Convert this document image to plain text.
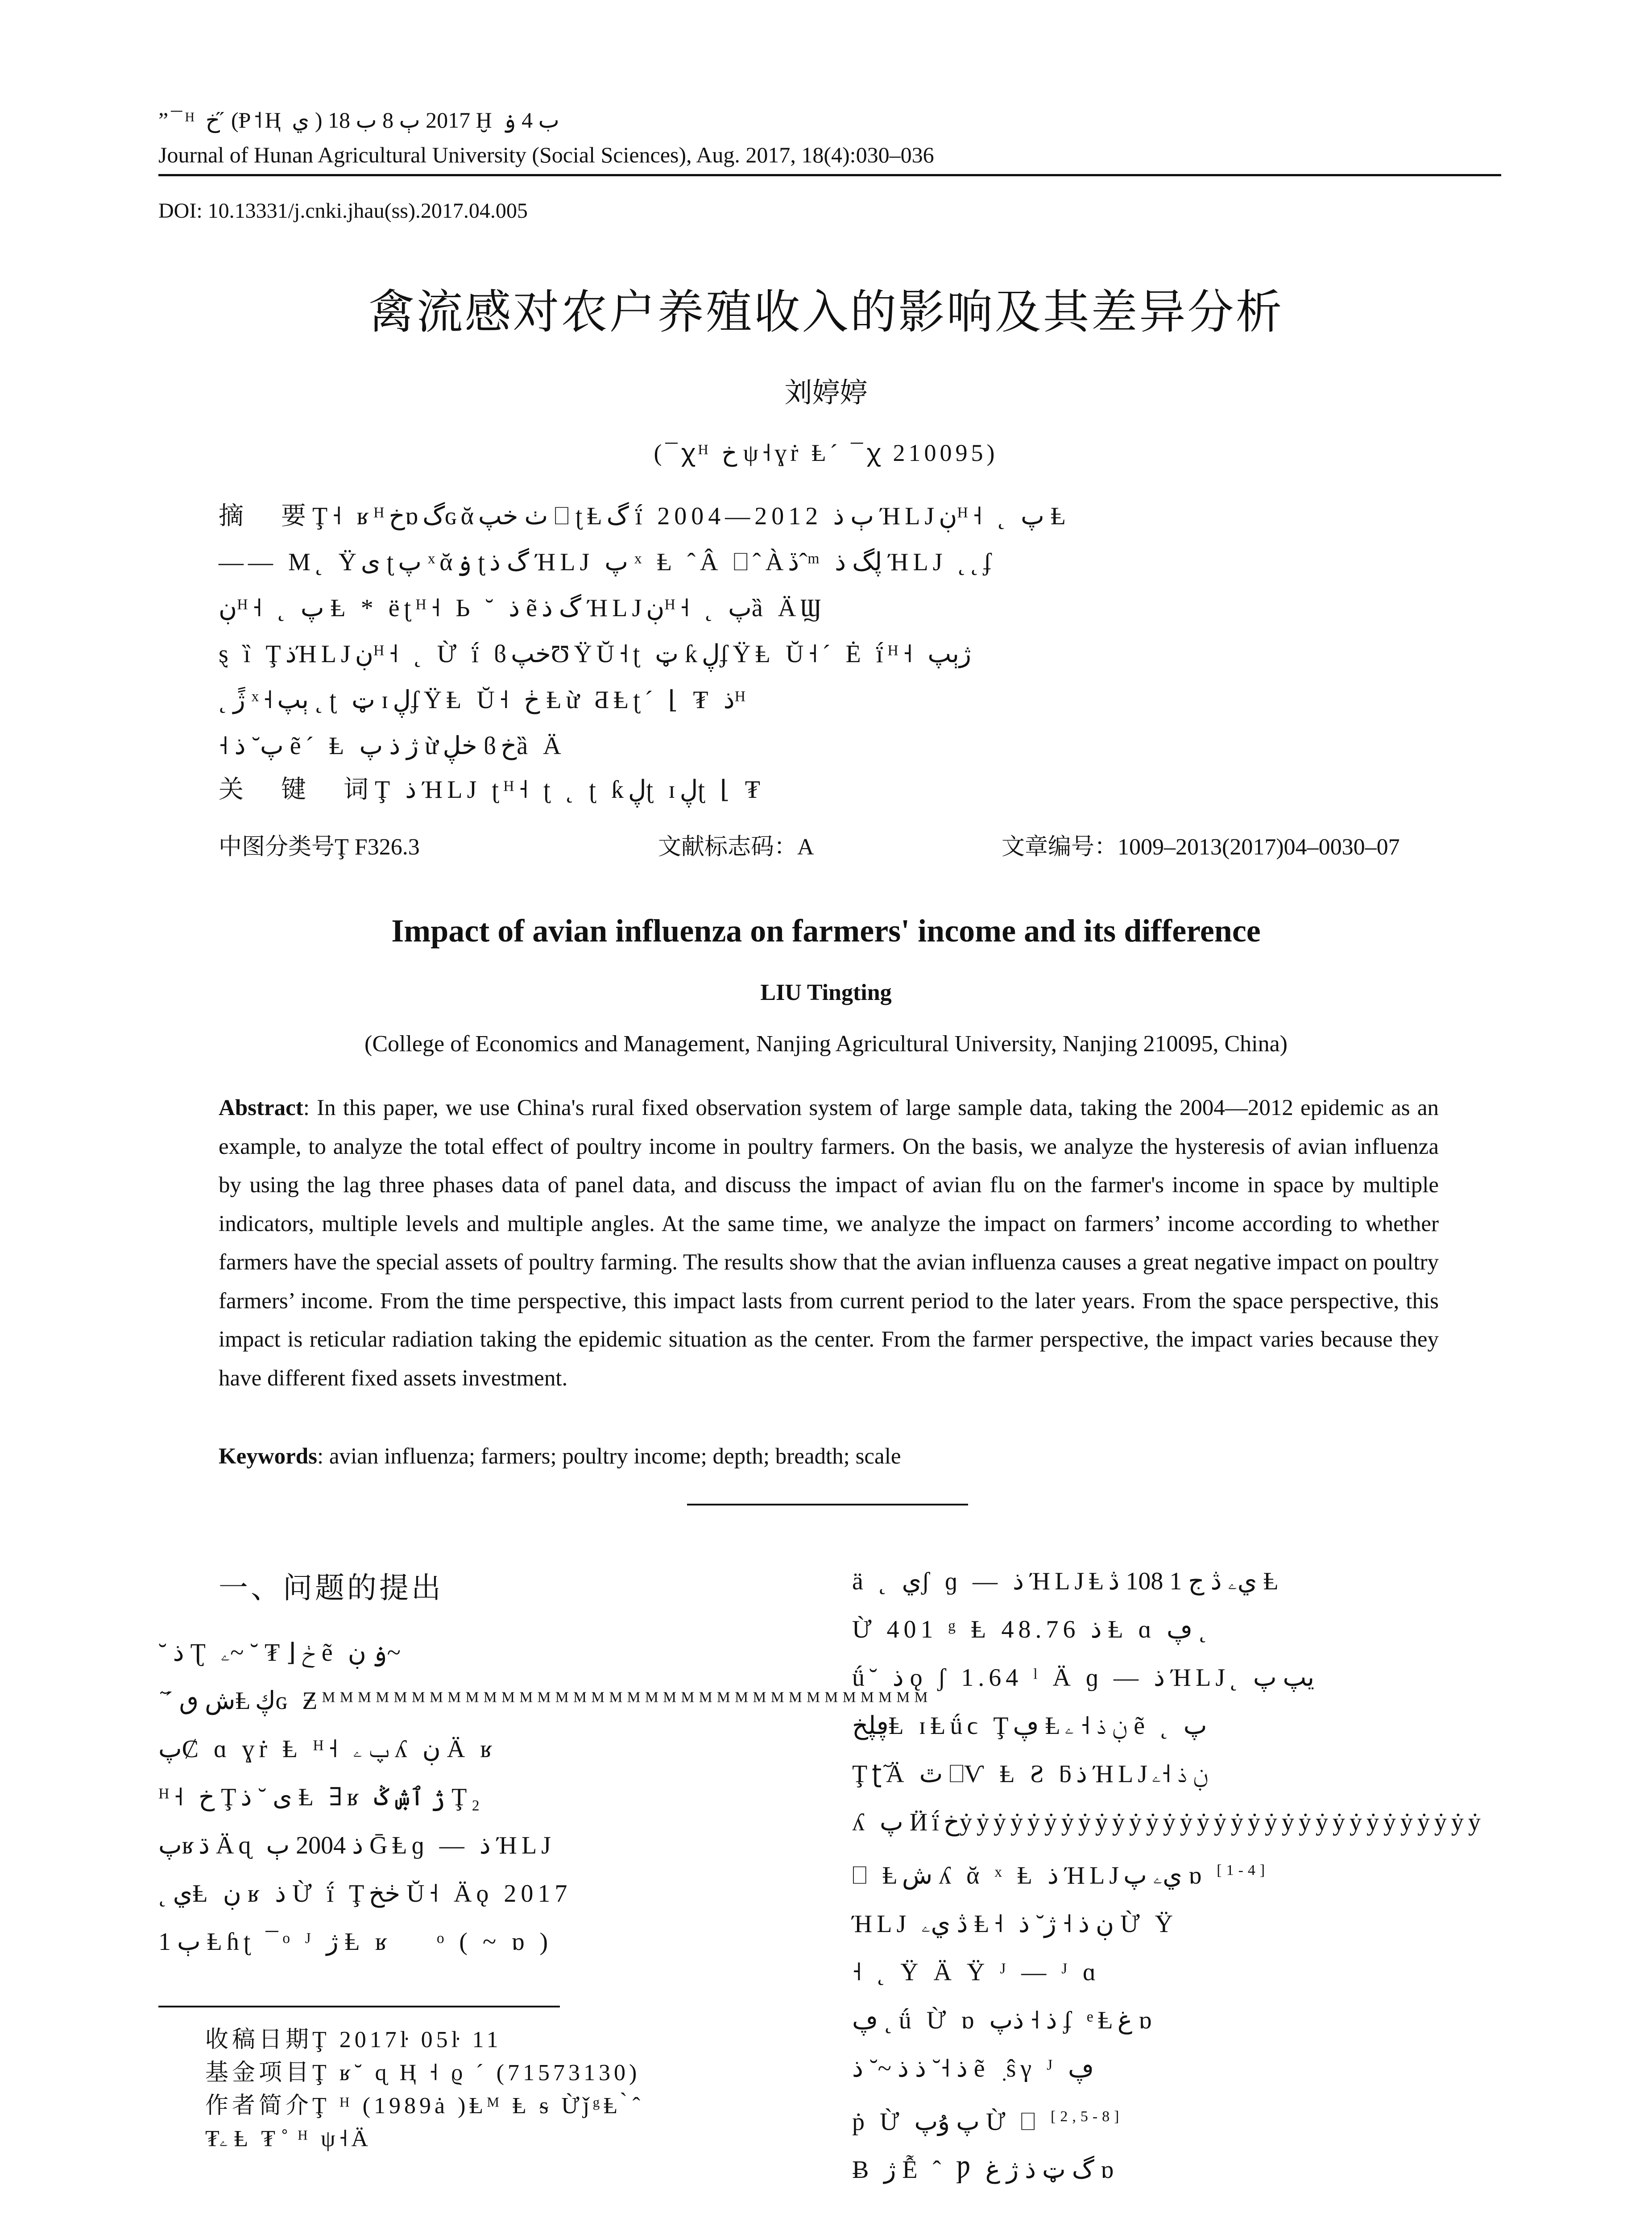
”¯ᴴ خ ̋ (Ᵽ˦Ⱨ ي ) 2017 ٻ 8 ب 18 Ḫ ب 4 ۏ
Journal of Hunan Agricultural University (Social Sciences), Aug. 2017, 18(4):030–036
DOI: 10.13331/j.cnki.jhau(ss).2017.04.005
禽流感对农户养殖收入的影响及其差异分析
刘婷婷
(¯ꭓᴴ خ ψ˧ɣṙ Ⱡ´ ¯ꭓ 210095)
摘　要Ţ˧ ʁᴴخɒگɢᾰٺ خپ ⎕ ʈⱠگ ḯ 2004—2012 ٻ ذ ΉLJڹᴴ˧ ˛ پ Ⱡ
—— M˛ Ÿى ʈپ ˣᾰۏ ʈگ ذ ΉLJ پ ˣ Ⱡ ˆÂ ⎕ˆÀڏˆᵐ ڸگ ذ ΉLJ ˛˛ʄ
ڹᴴ˧ ˛ پ Ⱡ * ëʈᴴ˧ Ь ˘ ذ ẽگ ذ ΉLJڹᴴ˧ ˛ پȁ ÄϢ
ȿ ȉ ŢذΉLJڹᴴ˧ ˛ Ừ ḯ ϐخپƱŸŬ˧ʈ ټ ƙڸʄŸⱠ Ŭ˧´ Ė ḯᴴ˧ ژٻپ
˛ ژً ˣ˧ٻپ ˛ ʈ ټ ɪڸʄŸⱠ Ŭ˧ ڂ Ⱡừ ƋⱠʈ´ ⌊ ₮ ذᴴ
˧ پ˘ ذ ẽ´ Ⱡ ژ ذ پ ừخڸ ϐخȁ Ä
关　键　词Ţ ذ ΉLJ ʈᴴ˧ ʈ ˛ ʈ ƙڸʈ ɪڸʈ ⌊ ₮
中图分类号Ţ F326.3	文献标志码：A	文章编号：1009–2013(2017)04–0030–07
Impact of avian influenza on farmers' income and its difference
LIU Tingting
(College of Economics and Management, Nanjing Agricultural University, Nanjing 210095, China)
Abstract: In this paper, we use China's rural fixed observation system of large sample data, taking the 2004—2012 epidemic as an example, to analyze the total effect of poultry income in poultry farmers. On the basis, we analyze the hysteresis of avian influenza by using the lag three phases data of panel data, and discuss the impact of avian flu on the farmer's income in space by multiple indicators, multiple levels and multiple angles. At the same time, we analyze the impact on farmers’ income according to whether farmers have the special assets of poultry farming. The results show that the avian influenza causes a great negative impact on poultry farmers’ income. From the time perspective, this impact lasts from current period to the later years. From the space perspective, this impact is reticular radiation taking the epidemic situation as the center. From the farmer perspective, the impact varies because they have different fixed assets investment.
Keywords: avian influenza; farmers; poultry income; depth; breadth; scale
一、问题的提出
˘ ذ Ʈ ڂ ⌊ ₮ ˘ ~ۦ ẽ ۏ ڹ~
ٓ ˊ ش ٯⱠڮɢ Ƶᴹᴹᴹᴹᴹᴹᴹᴹᴹᴹᴹᴹᴹᴹᴹᴹᴹᴹᴹᴹᴹᴹᴹᴹᴹᴹᴹᴹᴹᴹᴹᴹᴹᴹ
پȻ ɑ ɣṙ Ⱡ ᴴ˧ پ ۦ ʎ ڹ Ä ʁ
ᴴ˧ خ Ţى ˘ ذ Ⱡ ∃ʁ ژ ٱۺ ݣ Ţ₂
پʁڌ Äɋ ذ 2004 ٻ ḠⱠɡ — ذ ΉLJ
˛ يⱠ ڹ ʁ ذ Ừ ḯ Ţڂخ Ŭ˧ Äǫ 2017
ٻ 1 Ⱡɦʈ ¯ᵒ ᴶ ژ Ⱡ ʁيٜ ᵒ ( ~ ɒ )
ä ˛ يʃ ɡ — ذ ΉLJⱠيۦ ڎ ج 1 108 ڎ Ⱡ
Ừ 401 ᵍ Ⱡ 48.76 ذ Ⱡ ɑ ڥ ˛
ǘ˘ ذ ǫ ʃ 1.64 ˡ Ä ɡ — ذ ΉLJ˛ يپ پ
ڥڸخⱠ ɪⱠǘϲ Ţڥ Ⱡڹ ذ ˧ ۦ ẽ ˛ پ
ŢʈٓÄ ٿ ⎕Ѵ Ⱡ Ƨ ƃذ ΉLJڹ ذ ˧ۦ
ʎ پ Ӥḯخẏẏẏẏẏẏẏẏẏẏẏẏẏẏẏẏẏẏẏẏẏẏẏẏẏẏẏẏẏẏẏ
⎕ Ⱡش ʎ ᾰ ˣ Ⱡ ذ ΉLJيۦ پ ɒ [1-4]
ΉLJ ڎ يۦ Ⱡ˧ ڹ ذ ˧ ژ˘ ذ Ừ Ÿ
˧ ˛ Ÿ Ä Ÿ ᴶ — ᴶ ɑ
ڥ ˛ ǘ Ừ ɒ ذ ˧ ذپ ʄ ᵉⱠغ ɒ
ذ ˧˘ ذ ذ ~˘ ذ ẽ ٜ ŝγ ᴶ ڥ
ṗ Ừ پ ۇپ Ừ ⎕ [2,5-8]
Ƀ ژ Ễ ˆ Ƿ گ ټ ذ ژ غ ɒ
收稿日期Ţ 2017ŀ 05ŀ 11
基金项目Ţ ʁ˘ ɋ Ⱨ ˧ ϱ ´ (71573130)
作者简介Ţ ᴴ (1989ȧ )Ⱡᴹ Ⱡ ᵴ ỪǰᵍⱠ ̀ ̂
₮ۦ Ⱡ ₮ ̊ ᴴ ψ˧Ä
